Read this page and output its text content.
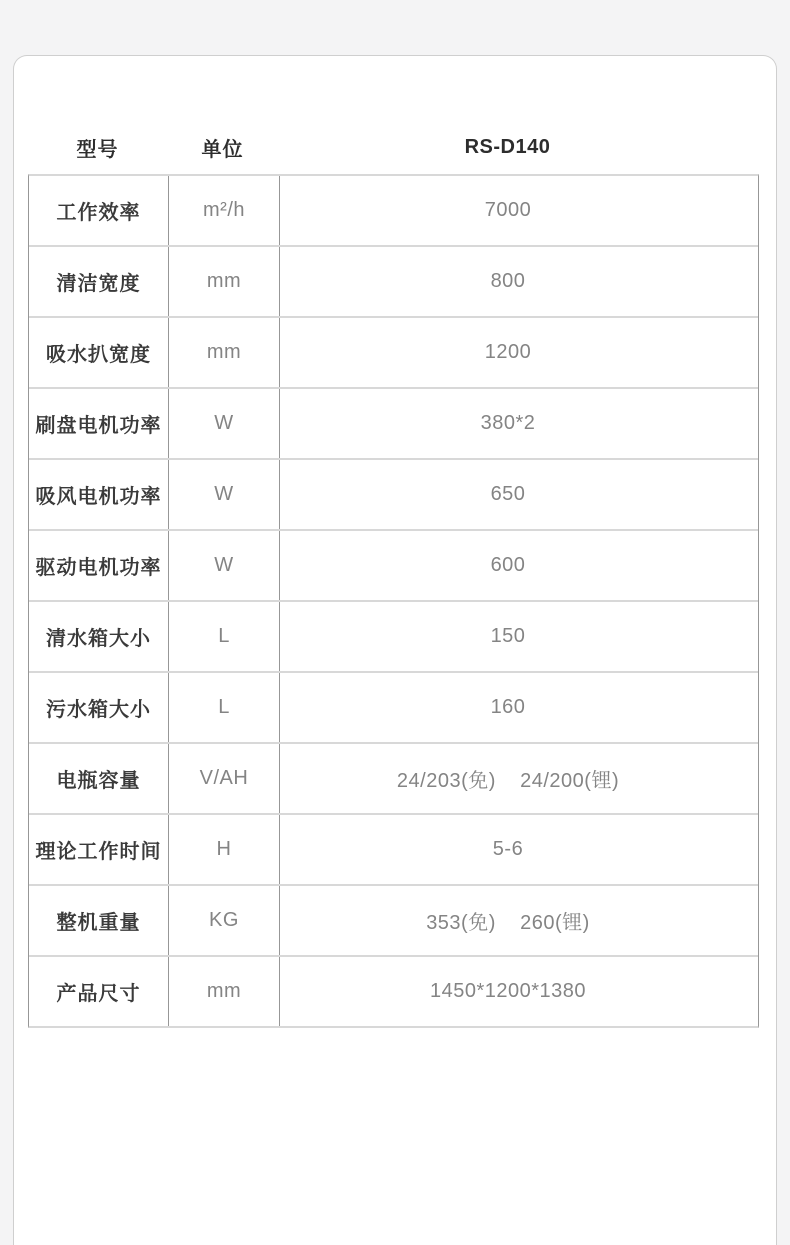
型号	单位	RS-D140
工作效率	m²/h	7000
清洁宽度	mm	800
吸水扒宽度	mm	1200
刷盘电机功率	W	380*2
吸风电机功率	W	650
驱动电机功率	W	600
清水箱大小	L	150
污水箱大小	L	160
电瓶容量	V/AH	24/203(免)    24/200(锂)
理论工作时间	H	5-6
整机重量	KG	353(免)    260(锂)
产品尺寸	mm	1450*1200*1380
